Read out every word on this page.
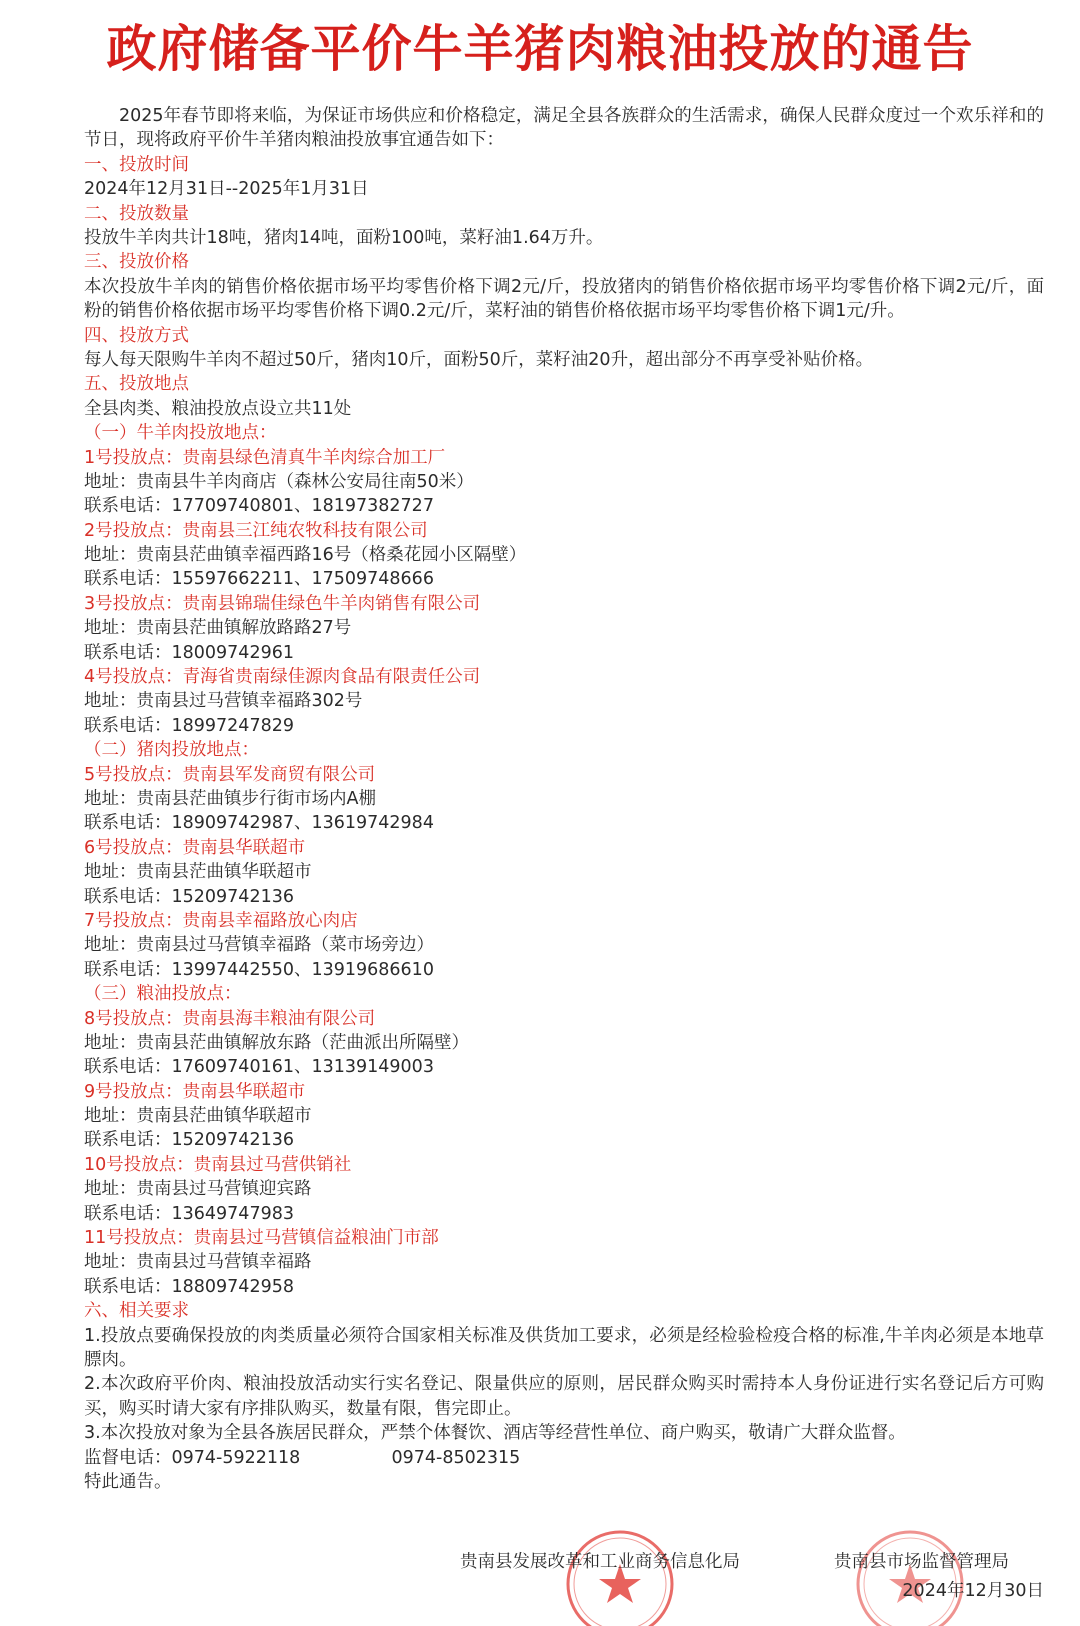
政府储备平价牛羊猪肉粮油投放的通告
2025年春节即将来临，为保证市场供应和价格稳定，满足全县各族群众的生活需求，确保人民群众度过一个欢乐祥和的节日，现将政府平价牛羊猪肉粮油投放事宜通告如下：
一、投放时间
2024年12月31日--2025年1月31日
二、投放数量
投放牛羊肉共计18吨，猪肉14吨，面粉100吨，菜籽油1.64万升。
三、投放价格
本次投放牛羊肉的销售价格依据市场平均零售价格下调2元/斤，投放猪肉的销售价格依据市场平均零售价格下调2元/斤，面粉的销售价格依据市场平均零售价格下调0.2元/斤，菜籽油的销售价格依据市场平均零售价格下调1元/升。
四、投放方式
每人每天限购牛羊肉不超过50斤，猪肉10斤，面粉50斤，菜籽油20升，超出部分不再享受补贴价格。
五、投放地点
全县肉类、粮油投放点设立共11处
（一）牛羊肉投放地点：
1号投放点：贵南县绿色清真牛羊肉综合加工厂
地址：贵南县牛羊肉商店（森林公安局往南50米）
联系电话：17709740801、18197382727
2号投放点：贵南县三江纯农牧科技有限公司
地址：贵南县茫曲镇幸福西路16号（格桑花园小区隔壁）
联系电话：15597662211、17509748666
3号投放点：贵南县锦瑞佳绿色牛羊肉销售有限公司
地址：贵南县茫曲镇解放路路27号
联系电话：18009742961
4号投放点：青海省贵南绿佳源肉食品有限责任公司
地址：贵南县过马营镇幸福路302号
联系电话：18997247829
（二）猪肉投放地点：
5号投放点：贵南县军发商贸有限公司
地址：贵南县茫曲镇步行街市场内A棚
联系电话：18909742987、13619742984
6号投放点：贵南县华联超市
地址：贵南县茫曲镇华联超市
联系电话：15209742136
7号投放点：贵南县幸福路放心肉店
地址：贵南县过马营镇幸福路（菜市场旁边）
联系电话：13997442550、13919686610
（三）粮油投放点：
8号投放点：贵南县海丰粮油有限公司
地址：贵南县茫曲镇解放东路（茫曲派出所隔壁）
联系电话：17609740161、13139149003
9号投放点：贵南县华联超市
地址：贵南县茫曲镇华联超市
联系电话：15209742136
10号投放点：贵南县过马营供销社
地址：贵南县过马营镇迎宾路
联系电话：13649747983
11号投放点：贵南县过马营镇信益粮油门市部
地址：贵南县过马营镇幸福路
联系电话：18809742958
六、相关要求
1.投放点要确保投放的肉类质量必须符合国家相关标准及供货加工要求，必须是经检验检疫合格的标准,牛羊肉必须是本地草膘肉。
2.本次政府平价肉、粮油投放活动实行实名登记、限量供应的原则，居民群众购买时需持本人身份证进行实名登记后方可购买，购买时请大家有序排队购买，数量有限，售完即止。
3.本次投放对象为全县各族居民群众，严禁个体餐饮、酒店等经营性单位、商户购买，敬请广大群众监督。
监督电话：0974-5922118	0974-8502315
特此通告。
贵南县发展改革和工业商务信息化局	贵南县市场监督管理局
2024年12月30日
